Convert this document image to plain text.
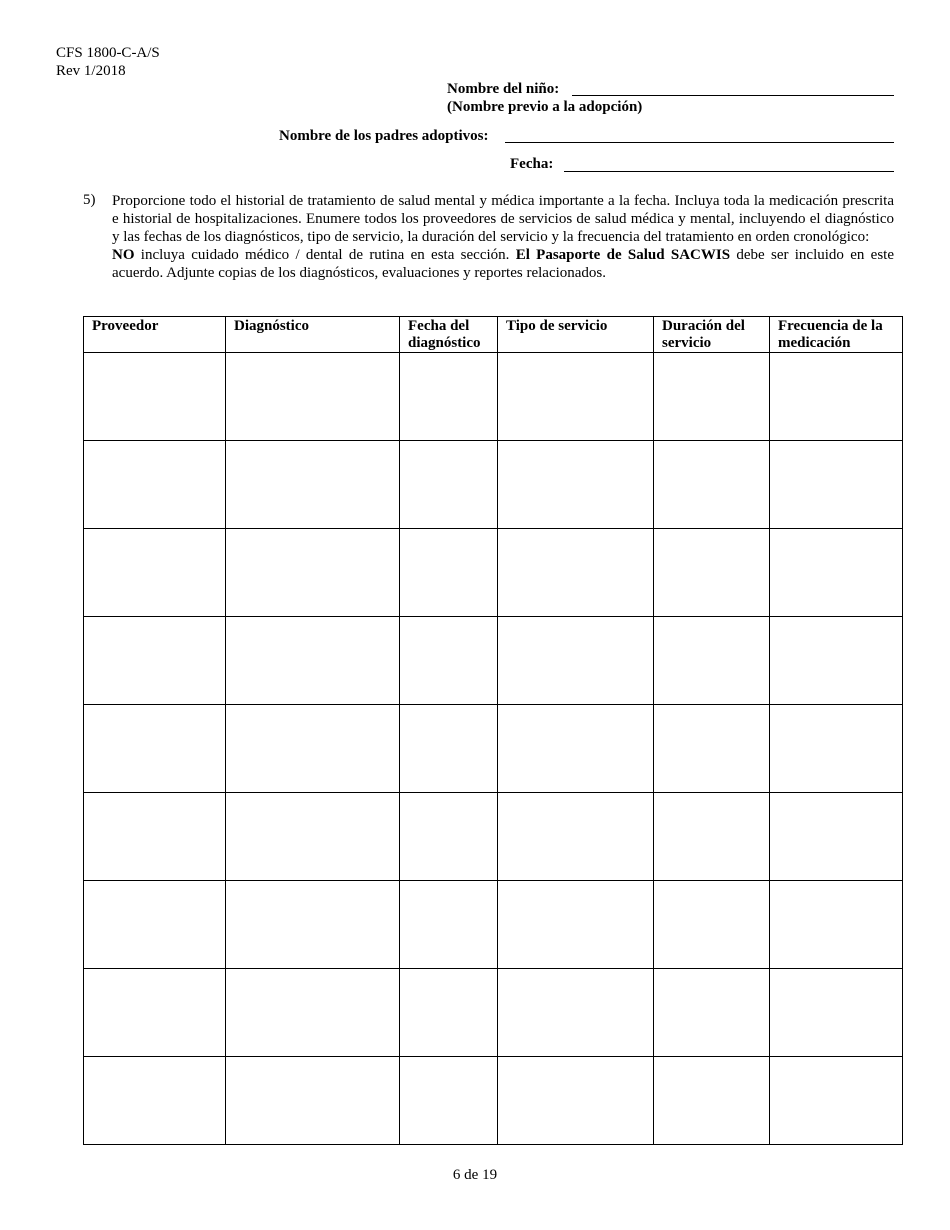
CFS 1800-C-A/S
Rev 1/2018
Nombre del niño:
(Nombre previo a la adopción)
Nombre de los padres adoptivos:
Fecha:
5) Proporcione todo el historial de tratamiento de salud mental y médica importante a la fecha. Incluya toda la medicación prescrita e historial de hospitalizaciones. Enumere todos los proveedores de servicios de salud médica y mental, incluyendo el diagnóstico y las fechas de los diagnósticos, tipo de servicio, la duración del servicio y la frecuencia del tratamiento en orden cronológico:

NO incluya cuidado médico / dental de rutina en esta sección. El Pasaporte de Salud SACWIS debe ser incluido en este acuerdo. Adjunte copias de los diagnósticos, evaluaciones y reportes relacionados.

Proveedor	Diagnóstico	Fecha del diagnóstico	Tipo de servicio	Duración del servicio	Frecuencia de la medicación

6 de 19
